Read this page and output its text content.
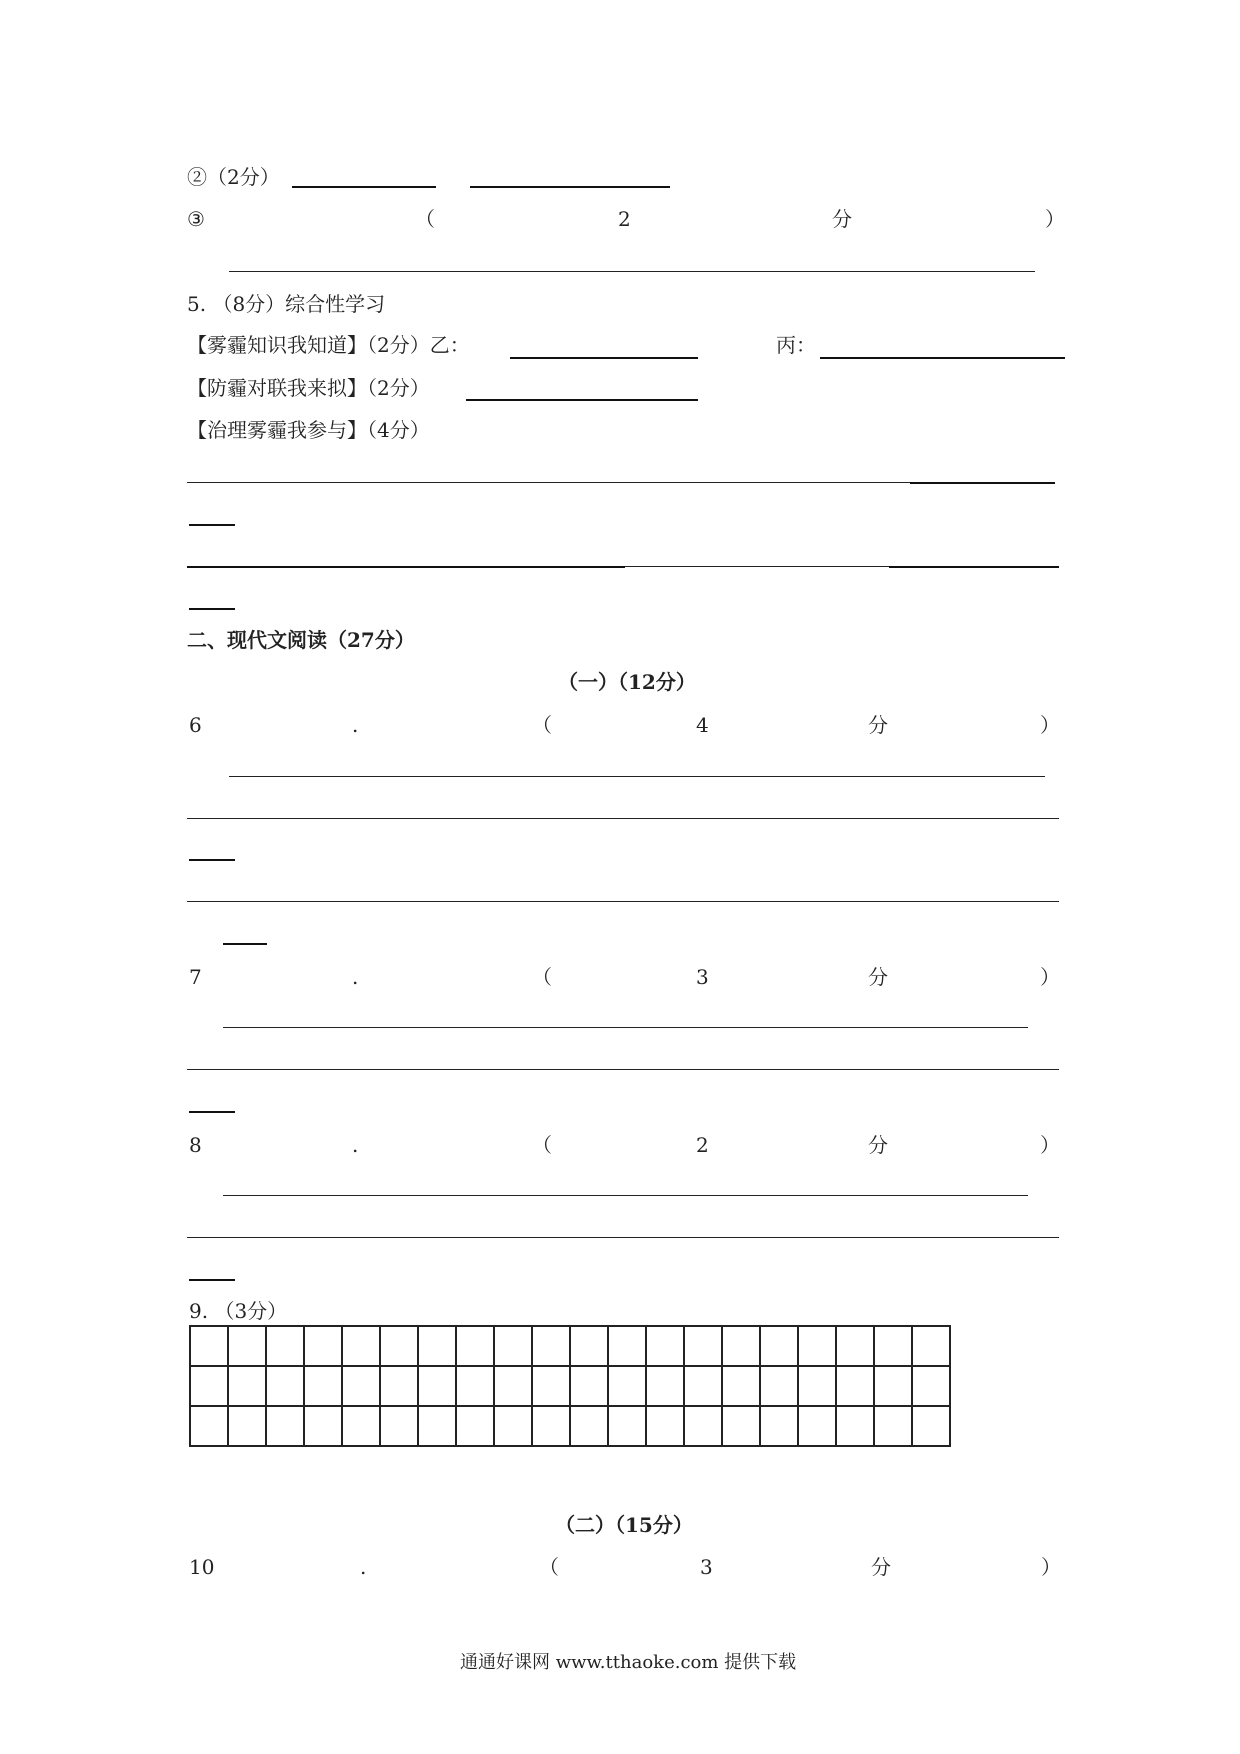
②（2分）
③	（	2	分	）
5. （8分）综合性学习
【雾霾知识我知道】（2分）乙：	丙：
【防霾对联我来拟】（2分）
【治理雾霾我参与】（4分）
二、现代文阅读（27分）
（一）（12分）
6	.	（	4	分	）
7	.	（	3	分	）
8	.	（	2	分	）
9. （3分）

（二）（15分）
10	.	（	3	分	）
通通好课网 www.tthaoke.com 提供下载
